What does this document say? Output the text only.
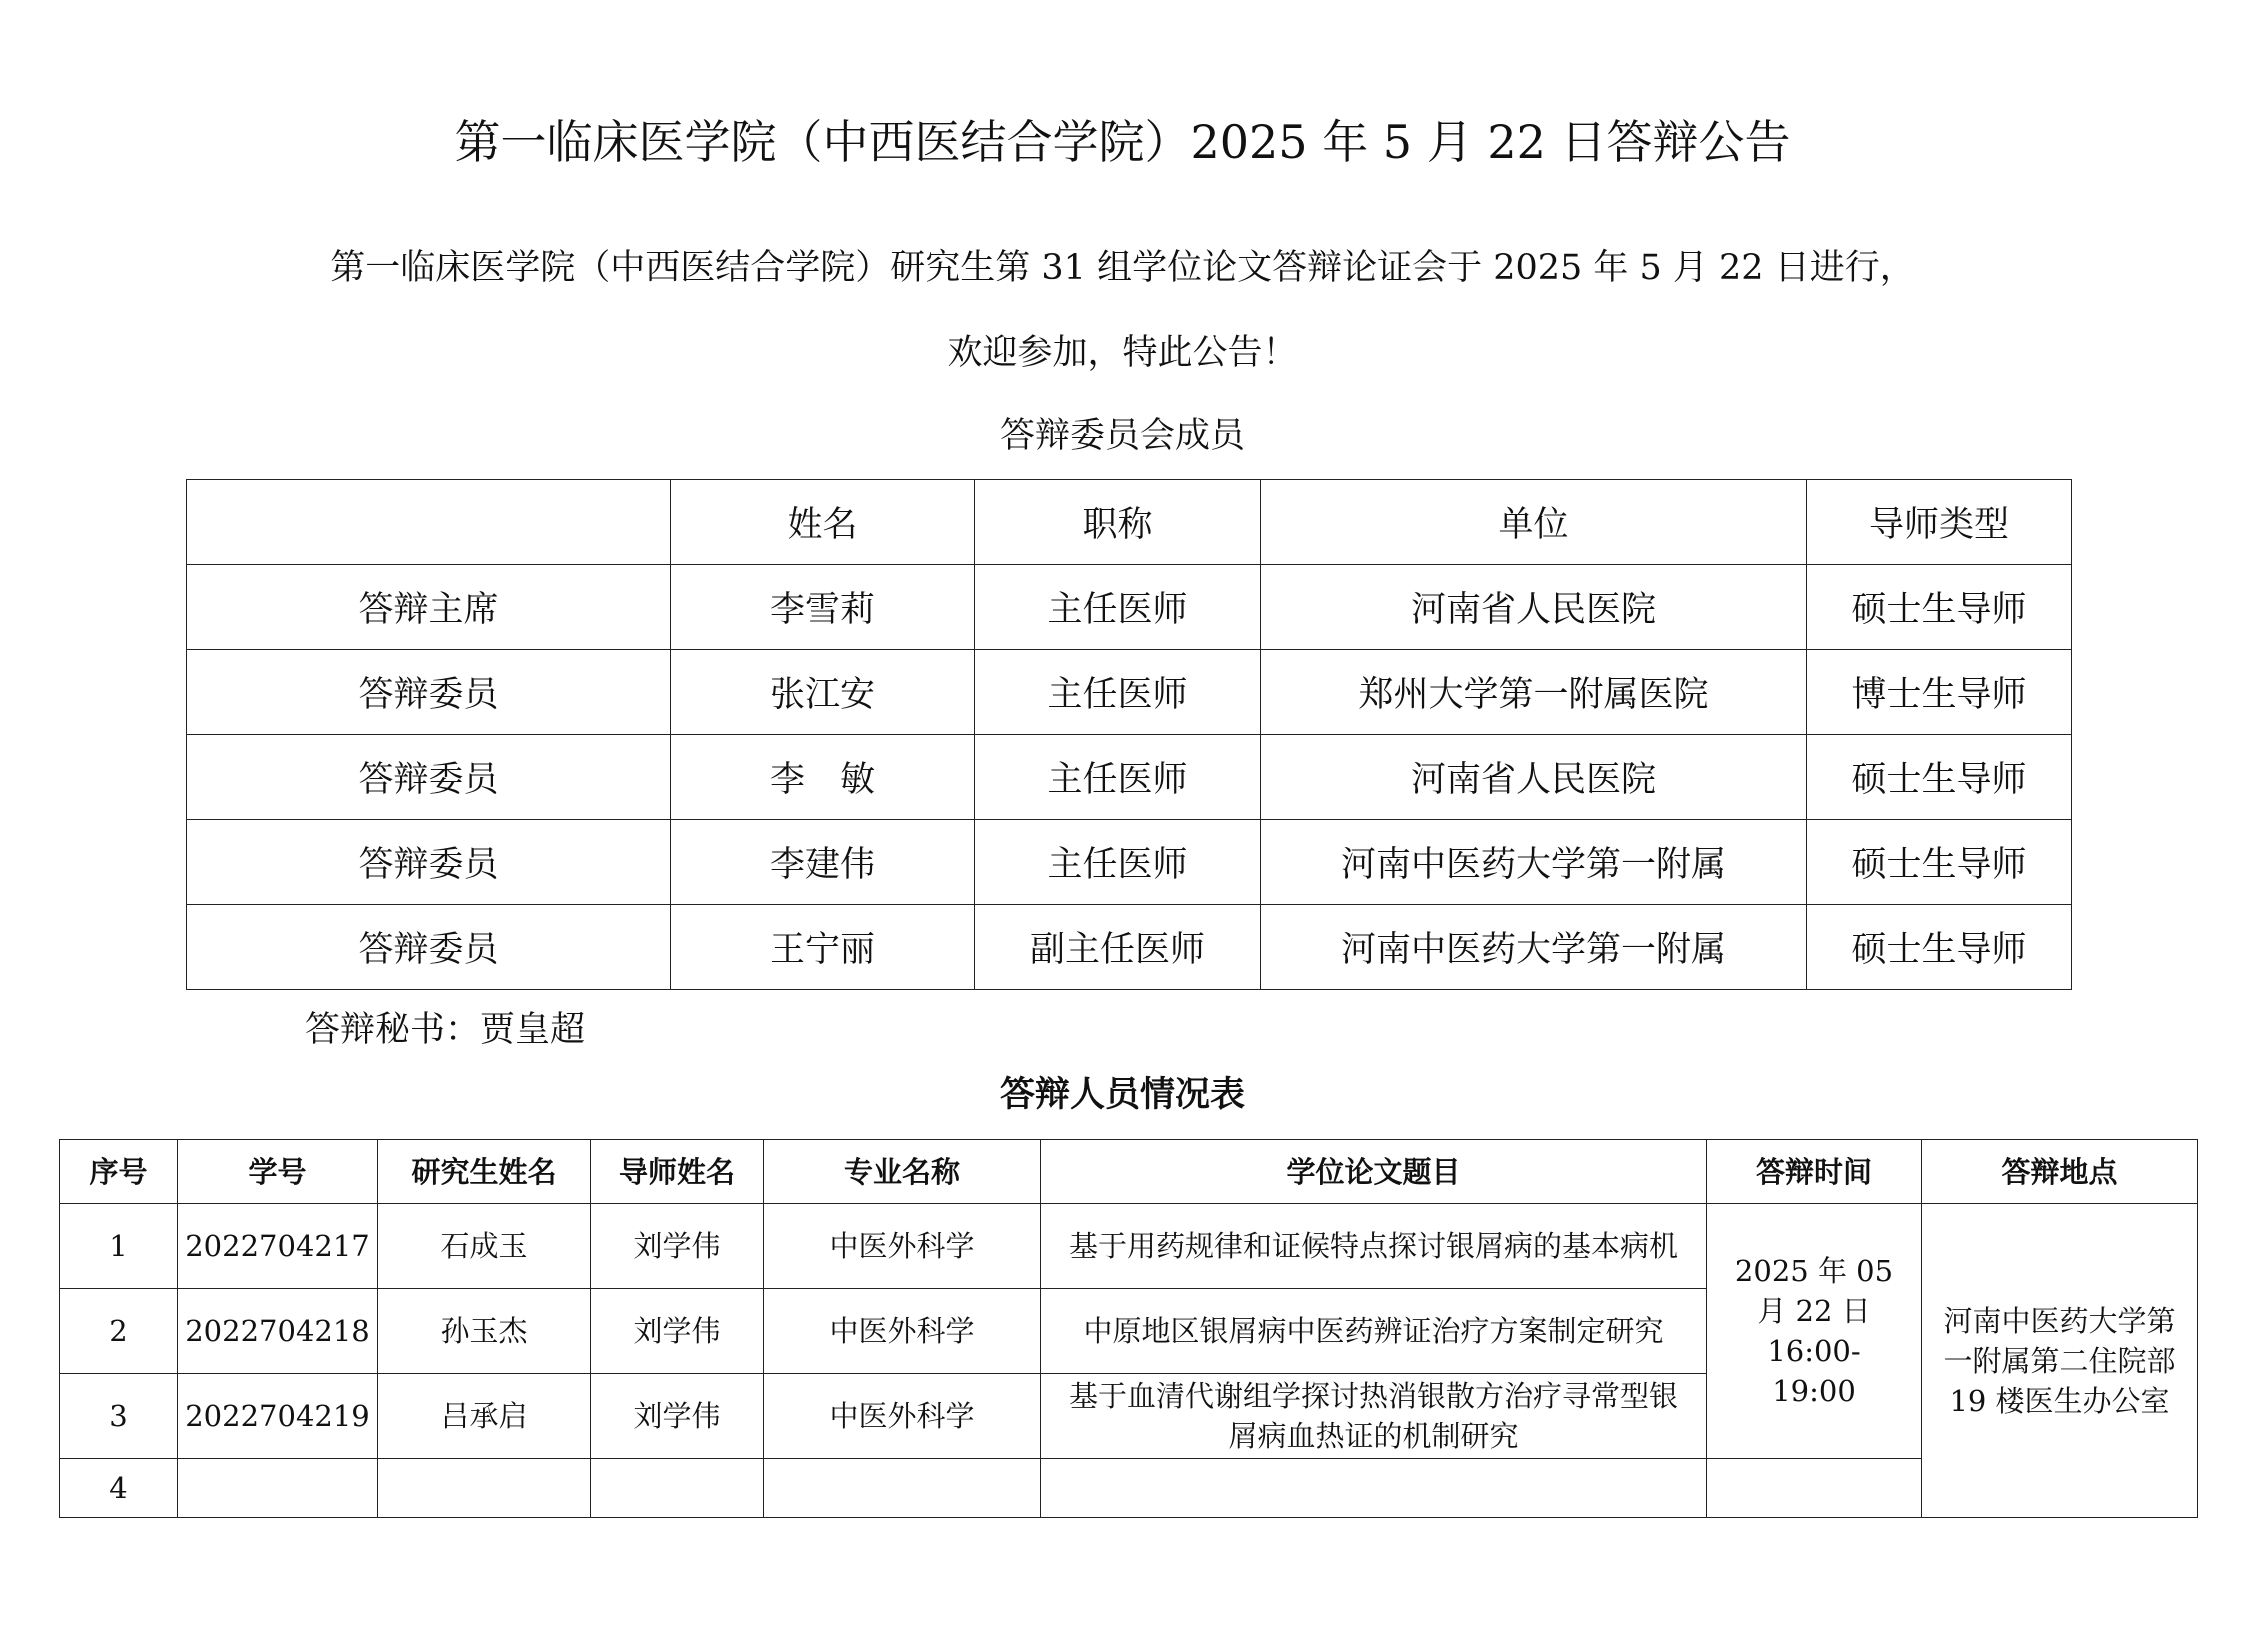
第一临床医学院（中西医结合学院）2025 年 5 月 22 日答辩公告
第一临床医学院（中西医结合学院）研究生第 31 组学位论文答辩论证会于 2025 年 5 月 22 日进行，
欢迎参加，特此公告！
答辩委员会成员
	姓名	职称	单位	导师类型
答辩主席	李雪莉	主任医师	河南省人民医院	硕士生导师
答辩委员	张江安	主任医师	郑州大学第一附属医院	博士生导师
答辩委员	李　敏	主任医师	河南省人民医院	硕士生导师
答辩委员	李建伟	主任医师	河南中医药大学第一附属	硕士生导师
答辩委员	王宁丽	副主任医师	河南中医药大学第一附属	硕士生导师
答辩秘书：贾皇超
答辩人员情况表
序号	学号	研究生姓名	导师姓名	专业名称	学位论文题目	答辩时间	答辩地点
1	2022704217	石成玉	刘学伟	中医外科学	基于用药规律和证候特点探讨银屑病的基本病机	2025 年 05 月 22 日 16:00-19:00	河南中医药大学第一附属第二住院部 19 楼医生办公室

2	2022704218	孙玉杰	刘学伟	中医外科学	中原地区银屑病中医药辨证治疗方案制定研究		

3	2022704219	吕承启	刘学伟	中医外科学	基于血清代谢组学探讨热消银散方治疗寻常型银屑病血热证的机制研究		

4							
